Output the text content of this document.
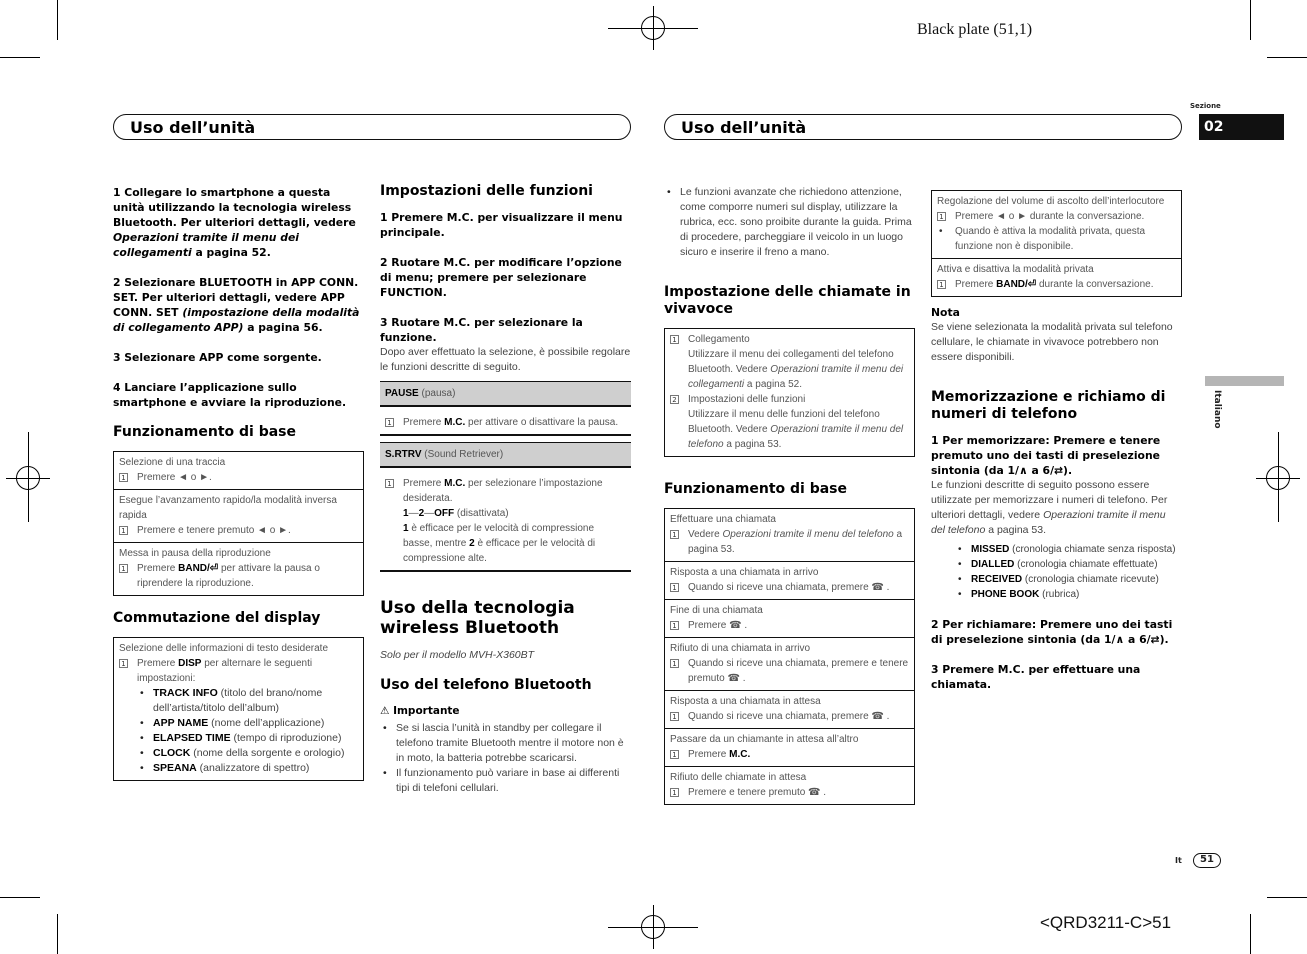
Black plate (51,1)
<QRD3211-C>51
Uso dell’unità	Uso dell’unità
Sezione
02
Italiano
It	51
1 Collegare lo smartphone a questa unità utilizzando la tecnologia wireless Bluetooth. Per ulteriori dettagli, vedere Operazioni tramite il menu dei collegamenti a pagina 52.
2 Selezionare BLUETOOTH in APP CONN. SET. Per ulteriori dettagli, vedere APP CONN. SET (impostazione della modalità di collegamento APP) a pagina 56.
3 Selezionare APP come sorgente.
4 Lanciare l’applicazione sullo smartphone e avviare la riproduzione.
Funzionamento di base
Selezione di una traccia
1 Premere ◄ o ►.
Esegue l’avanzamento rapido/la modalità inversa rapida
1 Premere e tenere premuto ◄ o ►.
Messa in pausa della riproduzione
1 Premere BAND/⏎ per attivare la pausa o riprendere la riproduzione.
Commutazione del display
Selezione delle informazioni di testo desiderate
1 Premere DISP per alternare le seguenti impostazioni:
• TRACK INFO (titolo del brano/nome dell’artista/titolo dell’album)
• APP NAME (nome dell’applicazione)
• ELAPSED TIME (tempo di riproduzione)
• CLOCK (nome della sorgente e orologio)
• SPEANA (analizzatore di spettro)
Impostazioni delle funzioni
1 Premere M.C. per visualizzare il menu principale.
2 Ruotare M.C. per modificare l’opzione di menu; premere per selezionare FUNCTION.
3 Ruotare M.C. per selezionare la funzione.
Dopo aver effettuato la selezione, è possibile regolare le funzioni descritte di seguito.
PAUSE (pausa)
1 Premere M.C. per attivare o disattivare la pausa.
S.RTRV (Sound Retriever)
1 Premere M.C. per selezionare l’impostazione desiderata.
1—2—OFF (disattivata)
1 è efficace per le velocità di compressione basse, mentre 2 è efficace per le velocità di compressione alte.
Uso della tecnologia wireless Bluetooth
Solo per il modello MVH-X360BT
Uso del telefono Bluetooth
⚠ Importante
• Se si lascia l’unità in standby per collegare il telefono tramite Bluetooth mentre il motore non è in moto, la batteria potrebbe scaricarsi.
• Il funzionamento può variare in base ai differenti tipi di telefoni cellulari.
• Le funzioni avanzate che richiedono attenzione, come comporre numeri sul display, utilizzare la rubrica, ecc. sono proibite durante la guida. Prima di procedere, parcheggiare il veicolo in un luogo sicuro e inserire il freno a mano.
Impostazione delle chiamate in vivavoce
1 Collegamento
Utilizzare il menu dei collegamenti del telefono Bluetooth. Vedere Operazioni tramite il menu dei collegamenti a pagina 52.
2 Impostazioni delle funzioni
Utilizzare il menu delle funzioni del telefono Bluetooth. Vedere Operazioni tramite il menu del telefono a pagina 53.
Funzionamento di base
Effettuare una chiamata
1 Vedere Operazioni tramite il menu del telefono a pagina 53.
Risposta a una chiamata in arrivo
1 Quando si riceve una chiamata, premere ☎ .
Fine di una chiamata
1 Premere ☎ .
Rifiuto di una chiamata in arrivo
1 Quando si riceve una chiamata, premere e tenere premuto ☎ .
Risposta a una chiamata in attesa
1 Quando si riceve una chiamata, premere ☎ .
Passare da un chiamante in attesa all’altro
1 Premere M.C.
Rifiuto delle chiamate in attesa
1 Premere e tenere premuto ☎ .
Regolazione del volume di ascolto dell’interlocutore
1 Premere ◄ o ► durante la conversazione.
• Quando è attiva la modalità privata, questa funzione non è disponibile.
Attiva e disattiva la modalità privata
1 Premere BAND/⏎ durante la conversazione.
Nota
Se viene selezionata la modalità privata sul telefono cellulare, le chiamate in vivavoce potrebbero non essere disponibili.
Memorizzazione e richiamo di numeri di telefono
1 Per memorizzare: Premere e tenere premuto uno dei tasti di preselezione sintonia (da 1/∧ a 6/⇄).
Le funzioni descritte di seguito possono essere utilizzate per memorizzare i numeri di telefono. Per ulteriori dettagli, vedere Operazioni tramite il menu del telefono a pagina 53.
• MISSED (cronologia chiamate senza risposta)
• DIALLED (cronologia chiamate effettuate)
• RECEIVED (cronologia chiamate ricevute)
• PHONE BOOK (rubrica)
2 Per richiamare: Premere uno dei tasti di preselezione sintonia (da 1/∧ a 6/⇄).
3 Premere M.C. per effettuare una chiamata.
